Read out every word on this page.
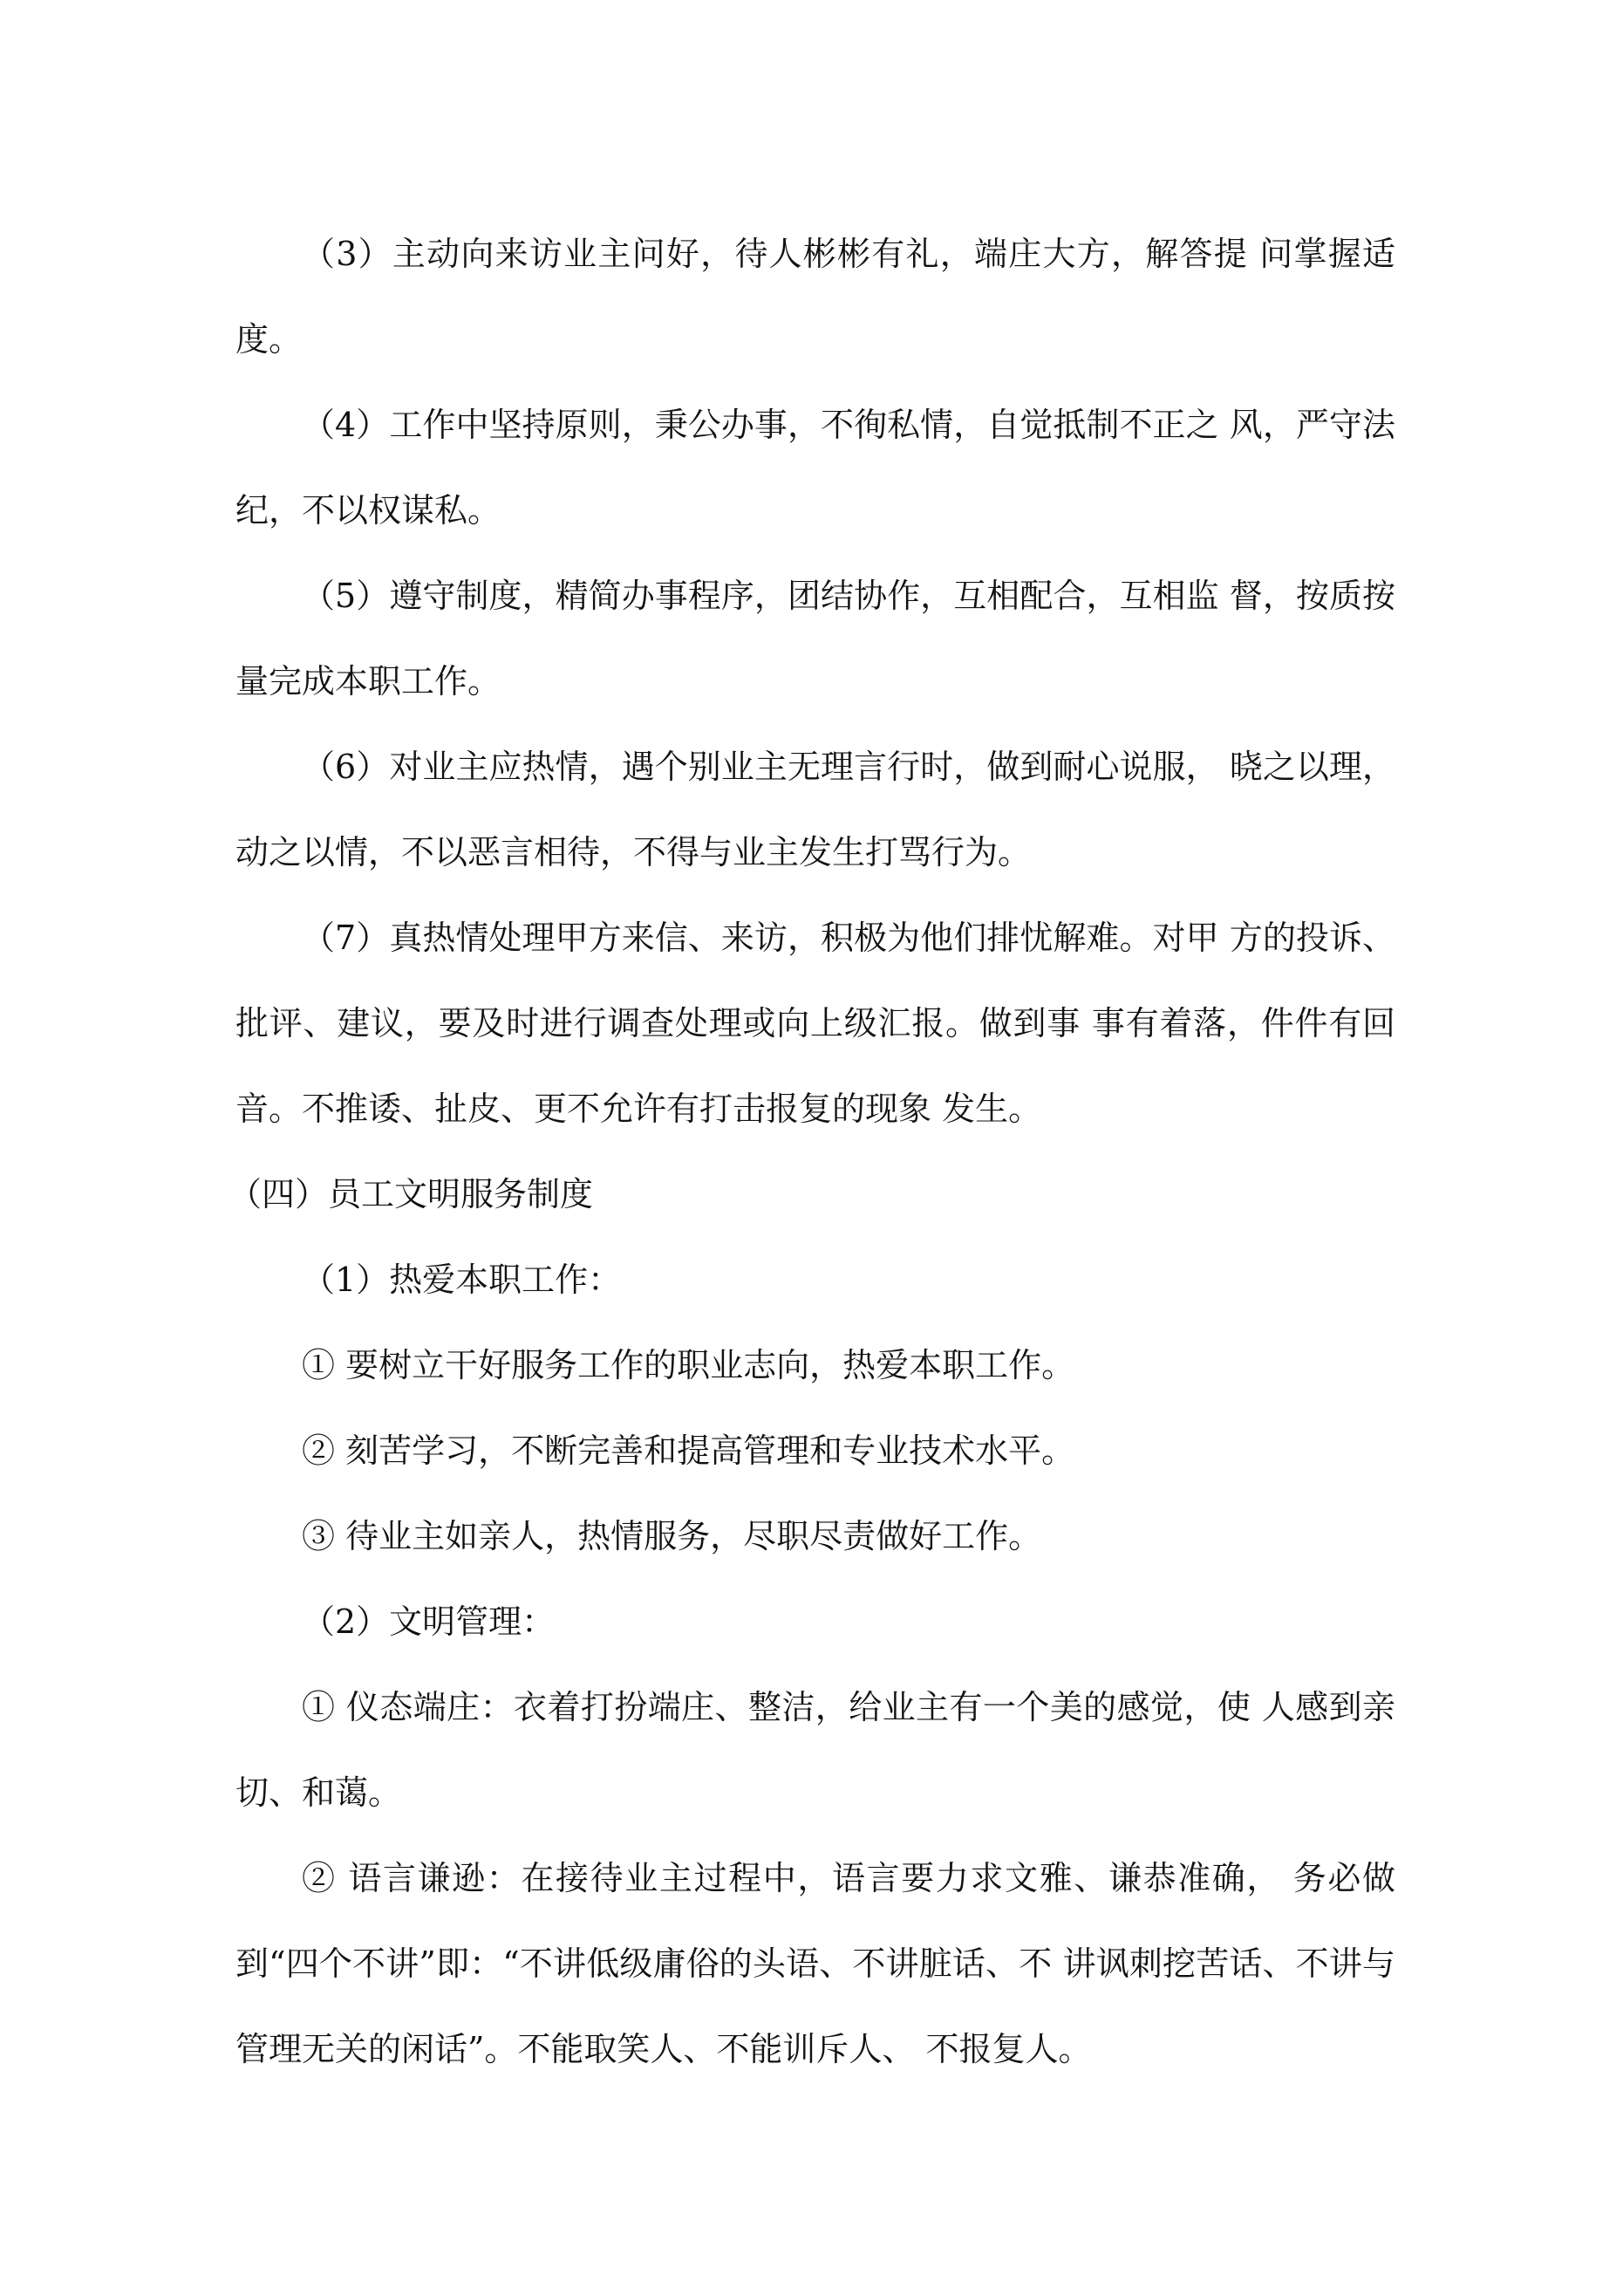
（3）主动向来访业主问好，待人彬彬有礼，端庄大方，解答提 问掌握适度。

（4）工作中坚持原则，秉公办事，不徇私情，自觉抵制不正之 风，严守法纪，不以权谋私。

（5）遵守制度，精简办事程序，团结协作，互相配合，互相监 督，按质按量完成本职工作。

（6）对业主应热情，遇个别业主无理言行时，做到耐心说服， 晓之以理，动之以情，不以恶言相待，不得与业主发生打骂行为。

（7）真热情处理甲方来信、来访，积极为他们排忧解难。对甲 方的投诉、批评、建议，要及时进行调查处理或向上级汇报。做到事 事有着落，件件有回音。不推诿、扯皮、更不允许有打击报复的现象 发生。

（四）员工文明服务制度

（1）热爱本职工作：

① 要树立干好服务工作的职业志向，热爱本职工作。

② 刻苦学习，不断完善和提高管理和专业技术水平。

③ 待业主如亲人，热情服务，尽职尽责做好工作。

（2）文明管理：

① 仪态端庄：衣着打扮端庄、整洁，给业主有一个美的感觉，使 人感到亲切、和蔼。

② 语言谦逊：在接待业主过程中，语言要力求文雅、谦恭准确， 务必做到“四个不讲”即：“不讲低级庸俗的头语、不讲脏话、不 讲讽刺挖苦话、不讲与管理无关的闲话”。不能取笑人、不能训斥人、 不报复人。
